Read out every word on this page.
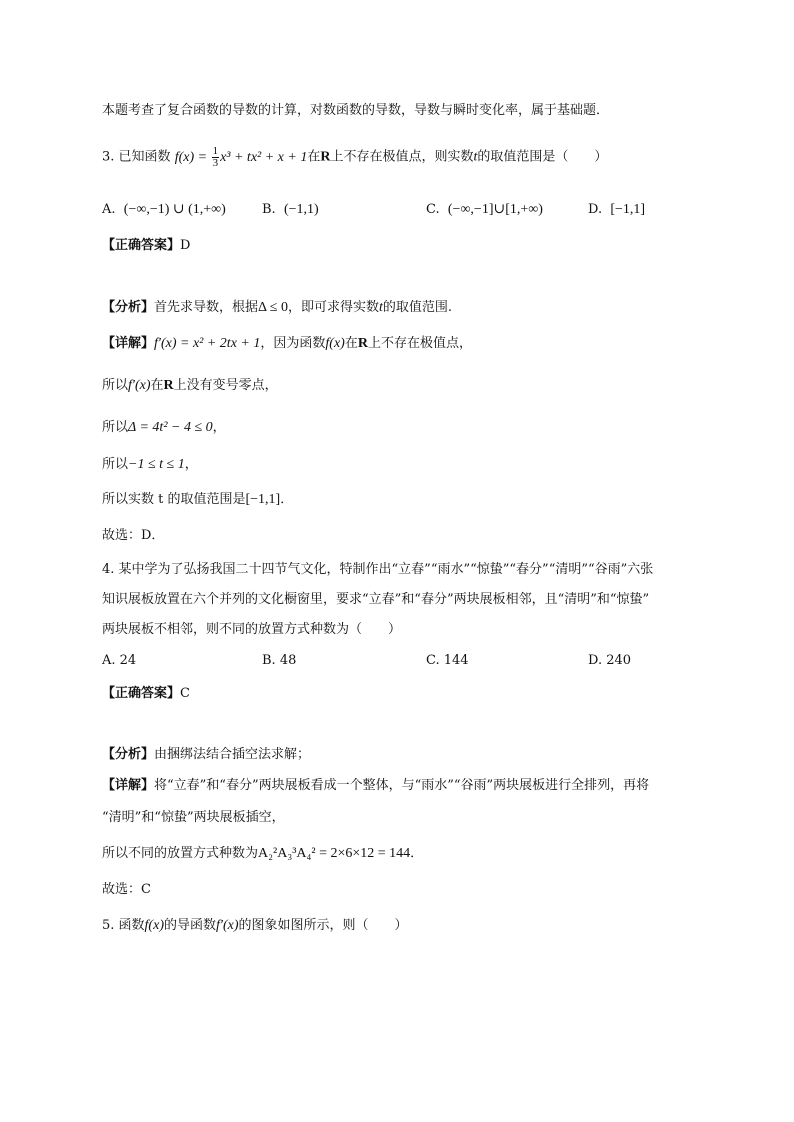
本题考查了复合函数的导数的计算，对数函数的导数，导数与瞬时变化率，属于基础题．
3. 已知函数 $f(x) = \frac{1}{3} x^3 + tx^2 + x + 1$在R上不存在极值点，则实数t的取值范围是（　　）
A. (−∞,−1) ∪ (1,+∞)	B. (−1,1)	C. (−∞,−1]∪[1,+∞)	D. [−1,1]
【正确答案】D
【分析】首先求导数，根据Δ ≤ 0，即可求得实数t的取值范围.
【详解】f′(x) = x² + 2tx + 1，因为函数f(x)在R上不存在极值点，
所以f′(x)在R上没有变号零点，
所以Δ = 4t² − 4 ≤ 0，
所以−1 ≤ t ≤ 1，
所以实数 t 的取值范围是[−1,1]．
故选：D．
4. 某中学为了弘扬我国二十四节气文化，特制作出“立春”“雨水”“惊蛰”“春分”“清明”“谷雨”六张
知识展板放置在六个并列的文化橱窗里，要求“立春”和“春分”两块展板相邻，且“清明”和“惊蛰”
两块展板不相邻，则不同的放置方式种数为（　　）
A. 24	B. 48	C. 144	D. 240
【正确答案】C
【分析】由捆绑法结合插空法求解；
【详解】将“立春”和“春分”两块展板看成一个整体，与“雨水”“谷雨”两块展板进行全排列，再将
“清明”和“惊蛰”两块展板插空，
所以不同的放置方式种数为A₂²A₃³A₄² = 2×6×12 = 144．
故选：C
5. 函数f(x)的导函数f′(x)的图象如图所示，则（　　）
